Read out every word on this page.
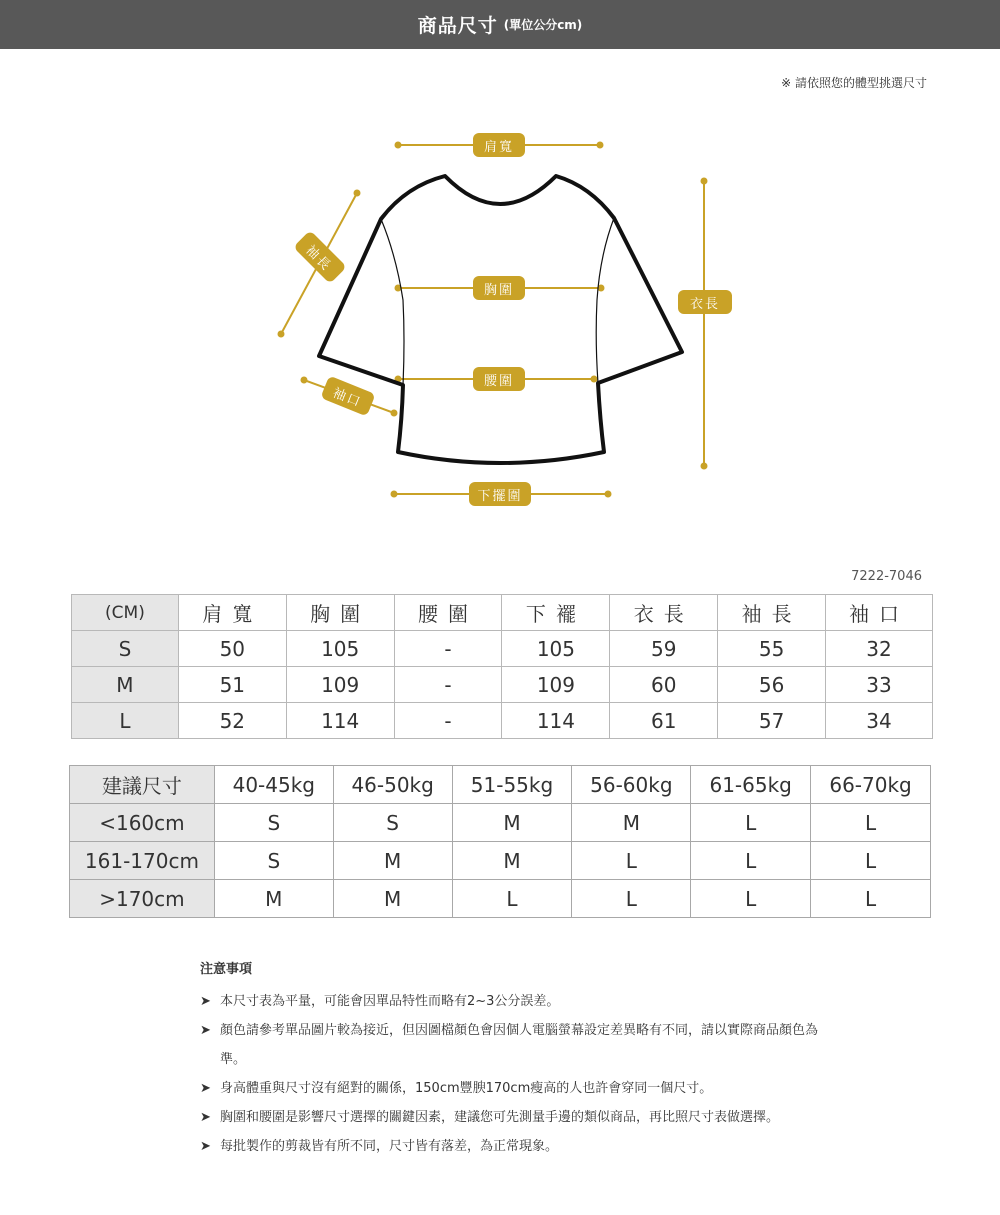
商品尺寸 (單位公分cm)
※ 請依照您的體型挑選尺寸
肩寬
袖長
胸圍
衣長
腰圍
袖口
下擺圍
7222-7046
(CM)	肩寬	胸圍	腰圍	下襬	衣長	袖長	袖口
S	50	105	-	105	59	55	32
M	51	109	-	109	60	56	33
L	52	114	-	114	61	57	34
建議尺寸	40-45kg	46-50kg	51-55kg	56-60kg	61-65kg	66-70kg
<160cm	S	S	M	M	L	L
161-170cm	S	M	M	L	L	L
>170cm	M	M	L	L	L	L
注意事項
➤ 本尺寸表為平量，可能會因單品特性而略有2~3公分誤差。
➤ 顏色請參考單品圖片較為接近，但因圖檔顏色會因個人電腦螢幕設定差異略有不同，請以實際商品顏色為準。
➤ 身高體重與尺寸沒有絕對的關係，150cm豐腴170cm瘦高的人也許會穿同一個尺寸。
➤ 胸圍和腰圍是影響尺寸選擇的關鍵因素，建議您可先測量手邊的類似商品，再比照尺寸表做選擇。
➤ 每批製作的剪裁皆有所不同，尺寸皆有落差，為正常現象。
